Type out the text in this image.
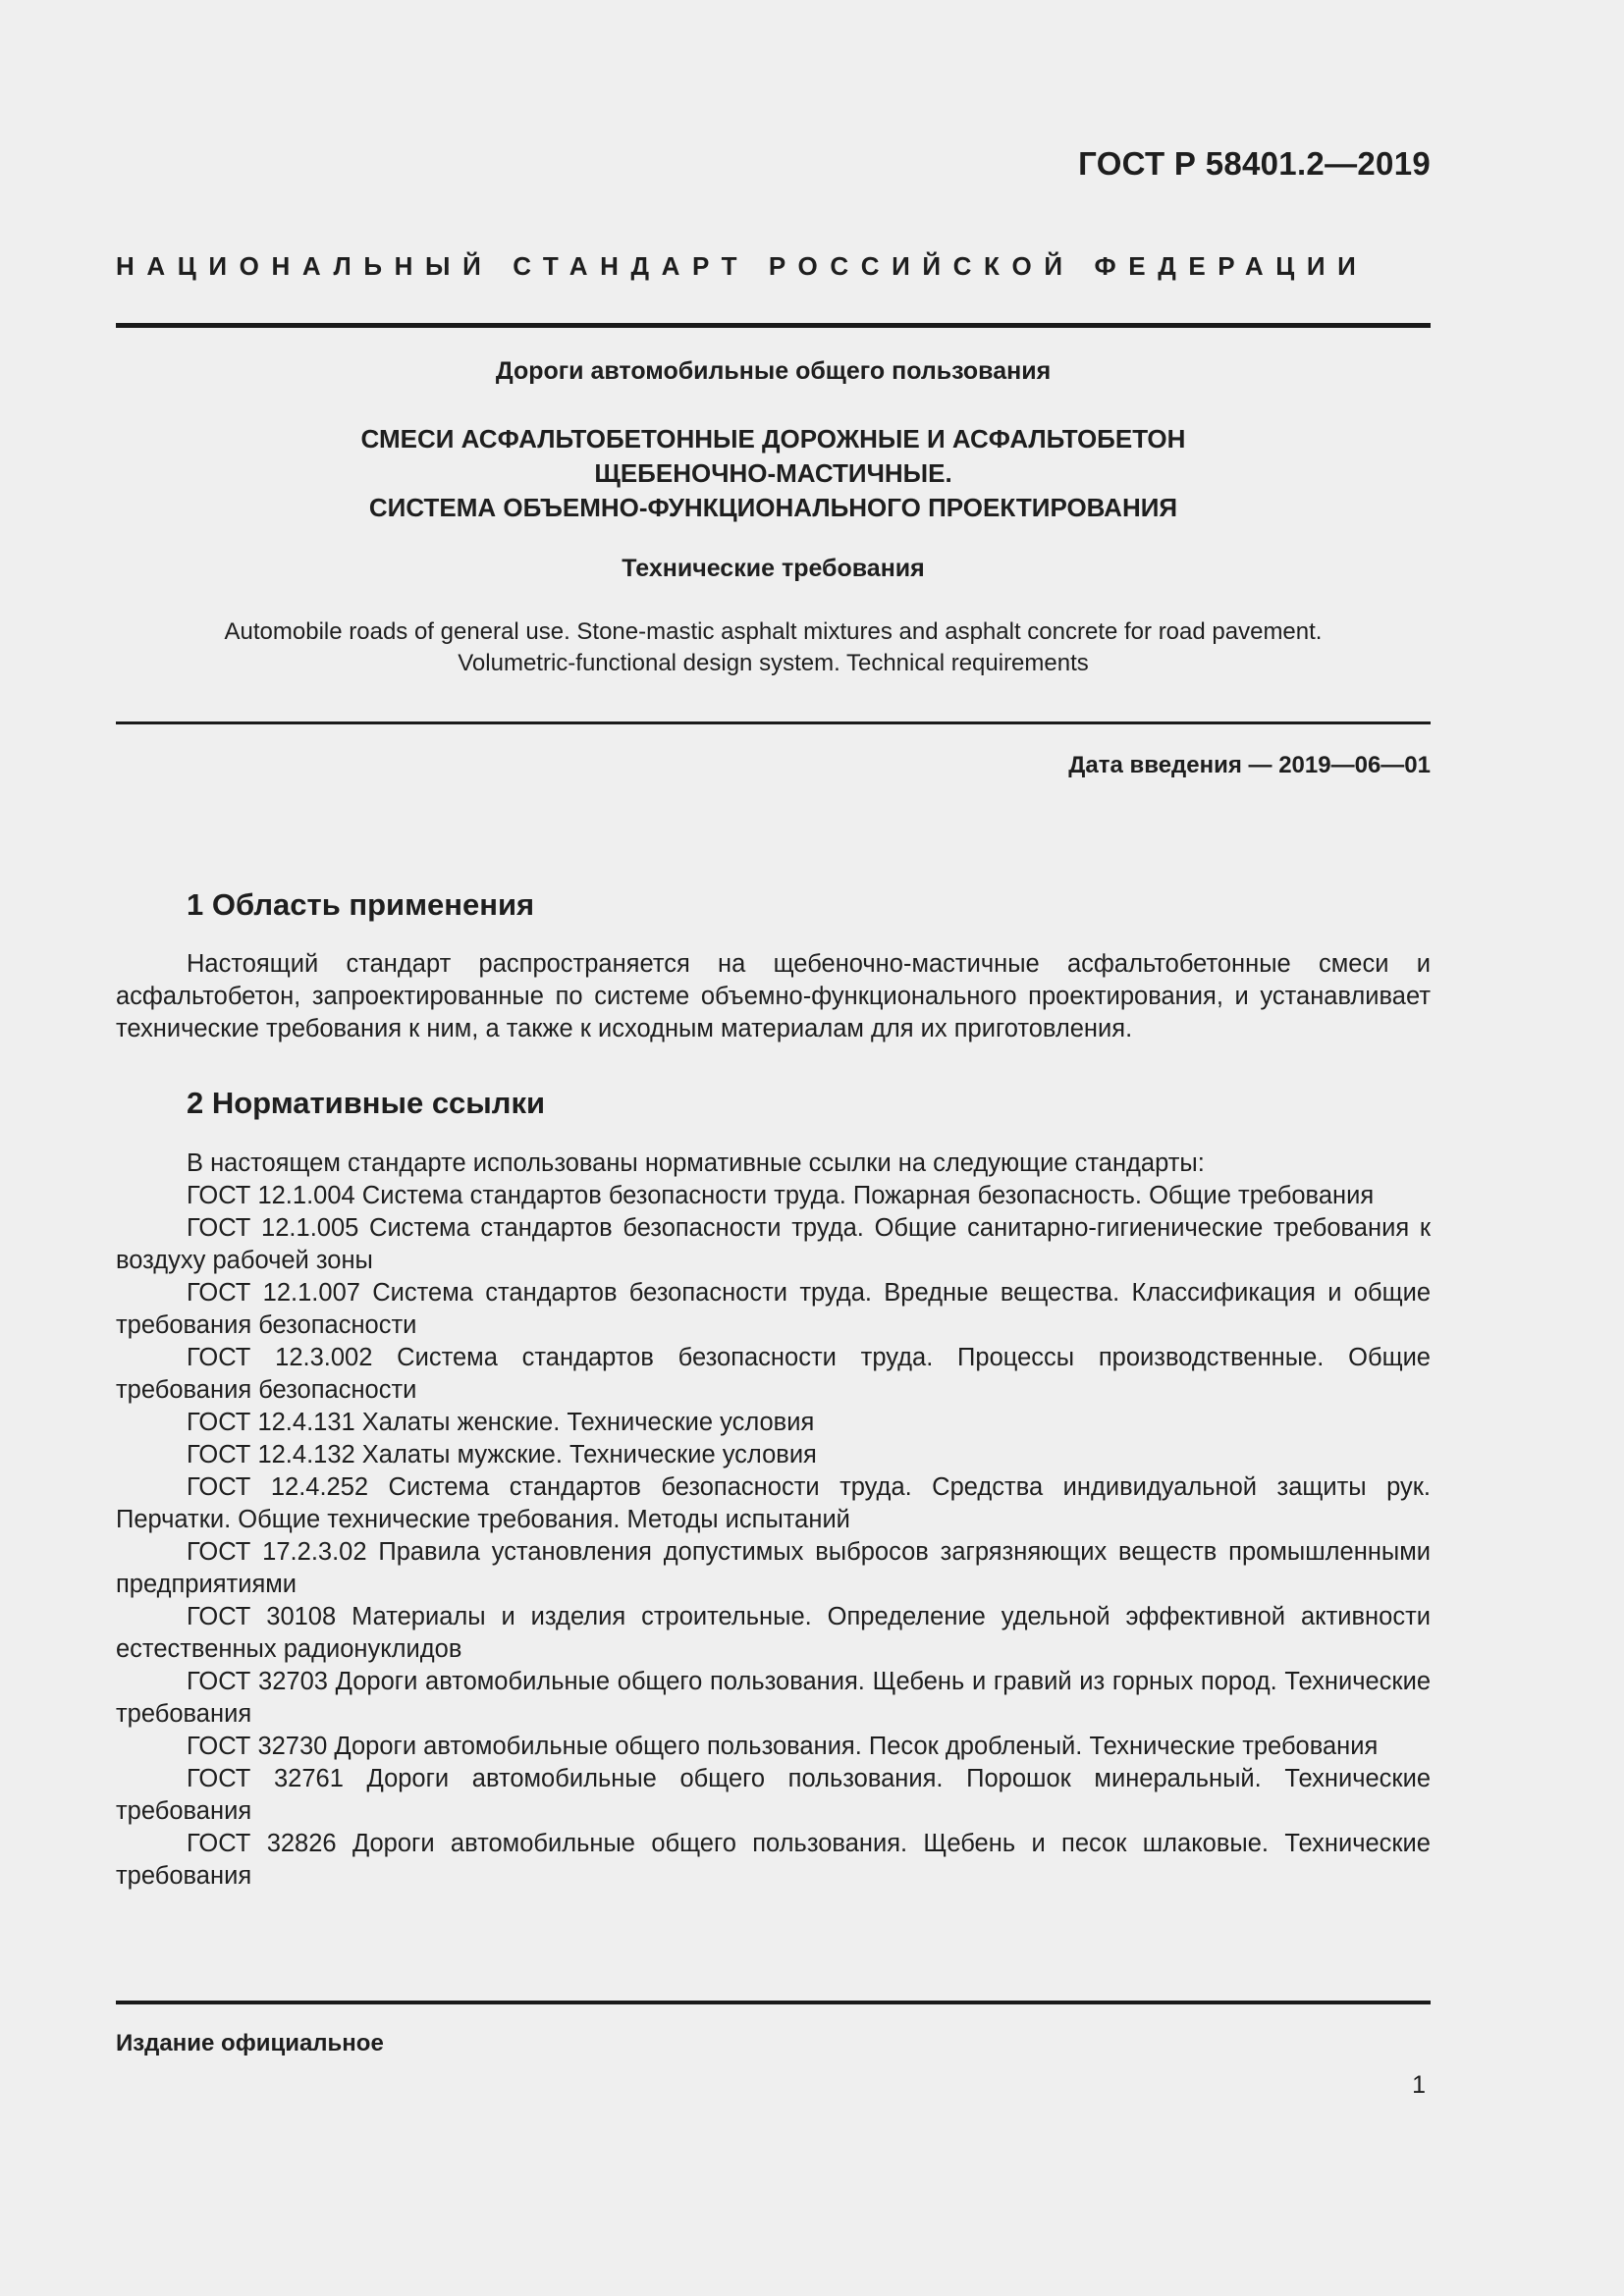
ГОСТ Р 58401.2—2019
НАЦИОНАЛЬНЫЙ СТАНДАРТ РОССИЙСКОЙ ФЕДЕРАЦИИ
Дороги автомобильные общего пользования
СМЕСИ АСФАЛЬТОБЕТОННЫЕ ДОРОЖНЫЕ И АСФАЛЬТОБЕТОН
ЩЕБЕНОЧНО-МАСТИЧНЫЕ.
СИСТЕМА ОБЪЕМНО-ФУНКЦИОНАЛЬНОГО ПРОЕКТИРОВАНИЯ
Технические требования
Automobile roads of general use. Stone-mastic asphalt mixtures and asphalt concrete for road pavement.
Volumetric-functional design system. Technical requirements
Дата введения — 2019—06—01
1 Область применения

Настоящий стандарт распространяется на щебеночно-мастичные асфальтобетонные смеси и асфальтобетон, запроектированные по системе объемно-функционального проектирования, и устанавливает технические требования к ним, а также к исходным материалам для их приготовления.

2 Нормативные ссылки

В настоящем стандарте использованы нормативные ссылки на следующие стандарты:

ГОСТ 12.1.004 Система стандартов безопасности труда. Пожарная безопасность. Общие требования

ГОСТ 12.1.005 Система стандартов безопасности труда. Общие санитарно-гигиенические требования к воздуху рабочей зоны

ГОСТ 12.1.007 Система стандартов безопасности труда. Вредные вещества. Классификация и общие требования безопасности

ГОСТ 12.3.002 Система стандартов безопасности труда. Процессы производственные. Общие требования безопасности

ГОСТ 12.4.131 Халаты женские. Технические условия

ГОСТ 12.4.132 Халаты мужские. Технические условия

ГОСТ 12.4.252 Система стандартов безопасности труда. Средства индивидуальной защиты рук. Перчатки. Общие технические требования. Методы испытаний

ГОСТ 17.2.3.02 Правила установления допустимых выбросов загрязняющих веществ промышленными предприятиями

ГОСТ 30108 Материалы и изделия строительные. Определение удельной эффективной активности естественных радионуклидов

ГОСТ 32703 Дороги автомобильные общего пользования. Щебень и гравий из горных пород. Технические требования

ГОСТ 32730 Дороги автомобильные общего пользования. Песок дробленый. Технические требования

ГОСТ 32761 Дороги автомобильные общего пользования. Порошок минеральный. Технические требования

ГОСТ 32826 Дороги автомобильные общего пользования. Щебень и песок шлаковые. Технические требования

Издание официальное
1
